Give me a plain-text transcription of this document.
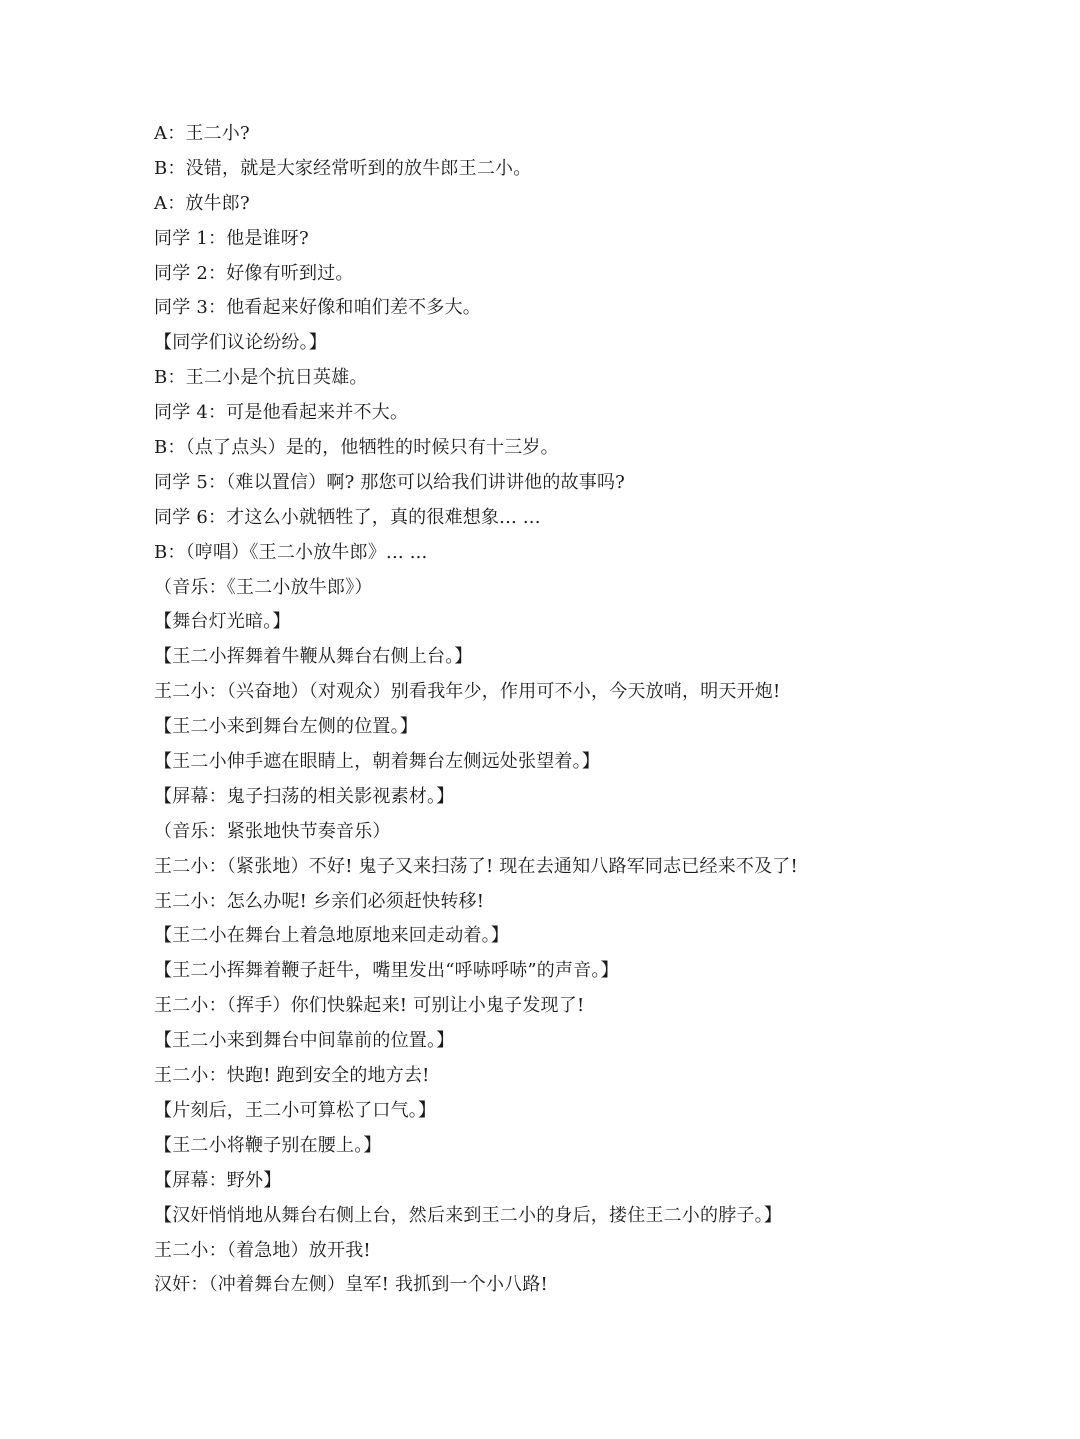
A：王二小?
B：没错，就是大家经常听到的放牛郎王二小。
A：放牛郎?
同学 1：他是谁呀?
同学 2：好像有听到过。
同学 3：他看起来好像和咱们差不多大。
【同学们议论纷纷。】
B：王二小是个抗日英雄。
同学 4：可是他看起来并不大。
B：（点了点头）是的，他牺牲的时候只有十三岁。
同学 5：（难以置信）啊? 那您可以给我们讲讲他的故事吗?
同学 6：才这么小就牺牲了，真的很难想象... ...
B：（哼唱）《王二小放牛郎》... ...
（音乐：《王二小放牛郎》）
【舞台灯光暗。】
【王二小挥舞着牛鞭从舞台右侧上台。】
王二小：（兴奋地）（对观众）别看我年少，作用可不小，今天放哨，明天开炮!
【王二小来到舞台左侧的位置。】
【王二小伸手遮在眼睛上，朝着舞台左侧远处张望着。】
【屏幕：鬼子扫荡的相关影视素材。】
（音乐：紧张地快节奏音乐）
王二小：（紧张地）不好! 鬼子又来扫荡了! 现在去通知八路军同志已经来不及了!
王二小：怎么办呢! 乡亲们必须赶快转移!
【王二小在舞台上着急地原地来回走动着。】
【王二小挥舞着鞭子赶牛，嘴里发出“呼哧呼哧”的声音。】
王二小：（挥手）你们快躲起来! 可别让小鬼子发现了!
【王二小来到舞台中间靠前的位置。】
王二小：快跑! 跑到安全的地方去!
【片刻后，王二小可算松了口气。】
【王二小将鞭子别在腰上。】
【屏幕：野外】
【汉奸悄悄地从舞台右侧上台，然后来到王二小的身后，搂住王二小的脖子。】
王二小：（着急地）放开我!
汉奸：（冲着舞台左侧）皇军! 我抓到一个小八路!
